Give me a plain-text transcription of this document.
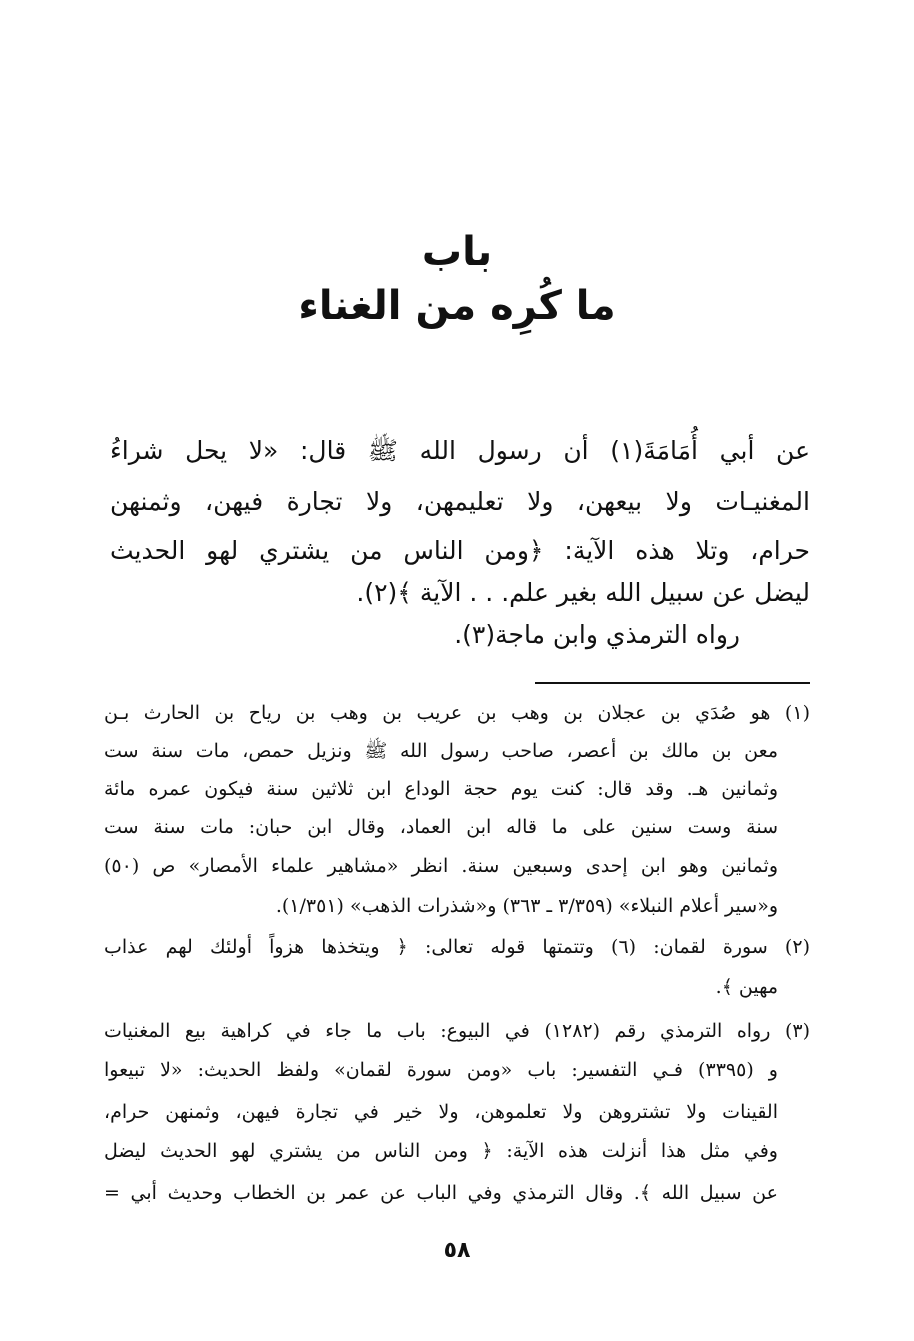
باب
ما كُرِه من الغناء
عن أبي أُمَامَةَ(١) أن رسول الله ﷺ قال: «لا يحل شراءُ
المغنيـات ولا بيعهن، ولا تعليمهن، ولا تجارة فيهن، وثمنهن
حرام، وتلا هذه الآية: ﴿ومن الناس من يشتري لهو الحديث
ليضل عن سبيل الله بغير علم. . . الآية ﴾(٢).
رواه الترمذي وابن ماجة(٣).
(١) هو صُدَي بن عجلان بن وهب بن عريب بن وهب بن رياح بن الحارث بـن
معن بن مالك بن أعصر، صاحب رسول الله ﷺ ونزيل حمص، مات سنة ست
وثمانين هـ. وقد قال: كنت يوم حجة الوداع ابن ثلاثين سنة فيكون عمره مائة
سنة وست سنين على ما قاله ابن العماد، وقال ابن حبان: مات سنة ست
وثمانين وهو ابن إحدى وسبعين سنة. انظر «مشاهير علماء الأمصار» ص (٥٠)
و«سير أعلام النبلاء» (٣/٣٥٩ ـ ٣٦٣) و«شذرات الذهب» (١/٣٥١).
(٢) سورة لقمان: (٦) وتتمتها قوله تعالى: ﴿ ويتخذها هزواً أولئك لهم عذاب
مهين ﴾.
(٣) رواه الترمذي رقم (١٢٨٢) في البيوع: باب ما جاء في كراهية بيع المغنيات
و (٣٣٩٥) فـي التفسير: باب «ومن سورة لقمان» ولفظ الحديث: «لا تبيعوا
القينات ولا تشتروهن ولا تعلموهن، ولا خير في تجارة فيهن، وثمنهن حرام،
وفي مثل هذا أنزلت هذه الآية: ﴿ ومن الناس من يشتري لهو الحديث ليضل
عن سبيل الله ﴾. وقال الترمذي وفي الباب عن عمر بن الخطاب وحديث أبي =
٥٨
